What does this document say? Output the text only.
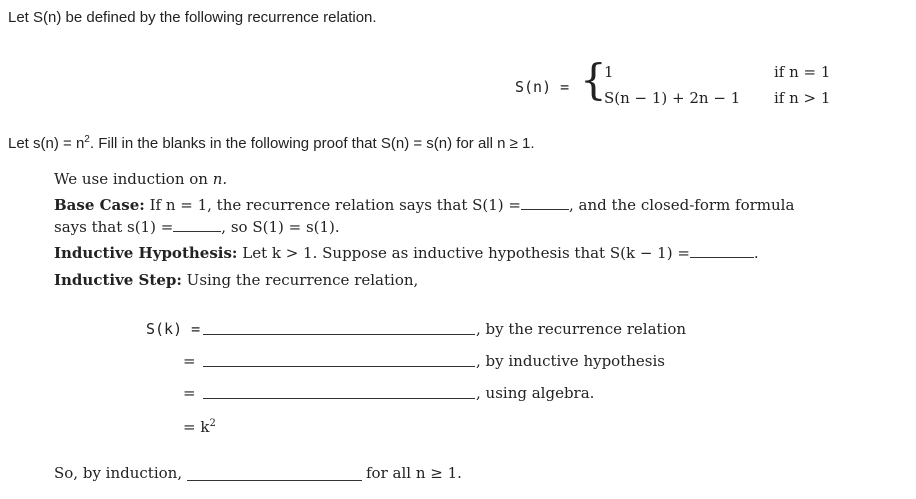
Let S(n) be defined by the following recurrence relation.
S(n) = {
1	if n = 1
S(n − 1) + 2n − 1 if n > 1
Let $s(n) = n^2$. Fill in the blanks in the following proof that S(n) = s(n) for all n ≥ 1.
We use induction on n.
Base Case: If n = 1, the recurrence relation says that S(1) =	, and the closed-form formula
says that s(1) =	, so S(1) = s(1).
Inductive Hypothesis: Let k > 1. Suppose as inductive hypothesis that S(k − 1) =	.
Inductive Step: Using the recurrence relation,
S(k) =	, by the recurrence relation
=	, by inductive hypothesis
=	, using algebra.
= $k^2$
So, by induction,	for all n ≥ 1.
